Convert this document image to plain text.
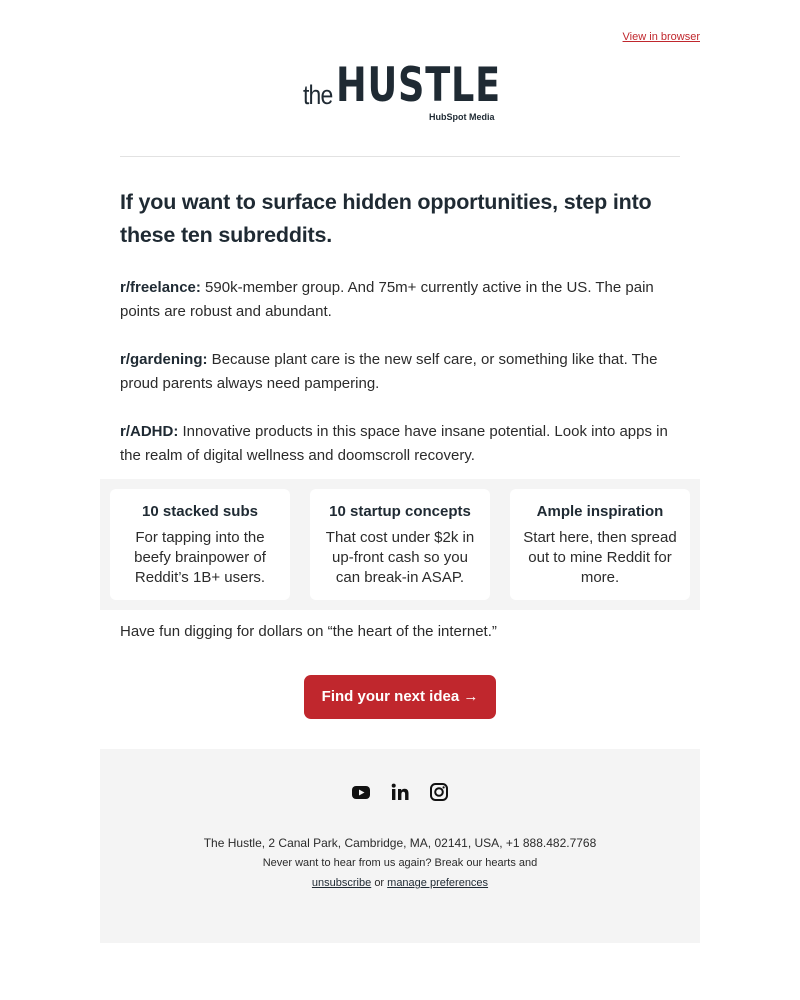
View in browser
the HUSTLE
HubSpot Media
If you want to surface hidden opportunities, step into these ten subreddits.
r/freelance: 590k-member group. And 75m+ currently active in the US. The pain points are robust and abundant.
r/gardening: Because plant care is the new self care, or something like that. The proud parents always need pampering.
r/ADHD: Innovative products in this space have insane potential. Look into apps in the realm of digital wellness and doomscroll recovery.
10 stacked subs
For tapping into the beefy brainpower of Reddit’s 1B+ users.
10 startup concepts
That cost under $2k in up-front cash so you can break-in ASAP.
Ample inspiration
Start here, then spread out to mine Reddit for more.
Have fun digging for dollars on “the heart of the internet.”
Find your next idea →
The Hustle, 2 Canal Park, Cambridge, MA, 02141, USA, +1 888.482.7768
Never want to hear from us again? Break our hearts and
unsubscribe or manage preferences
